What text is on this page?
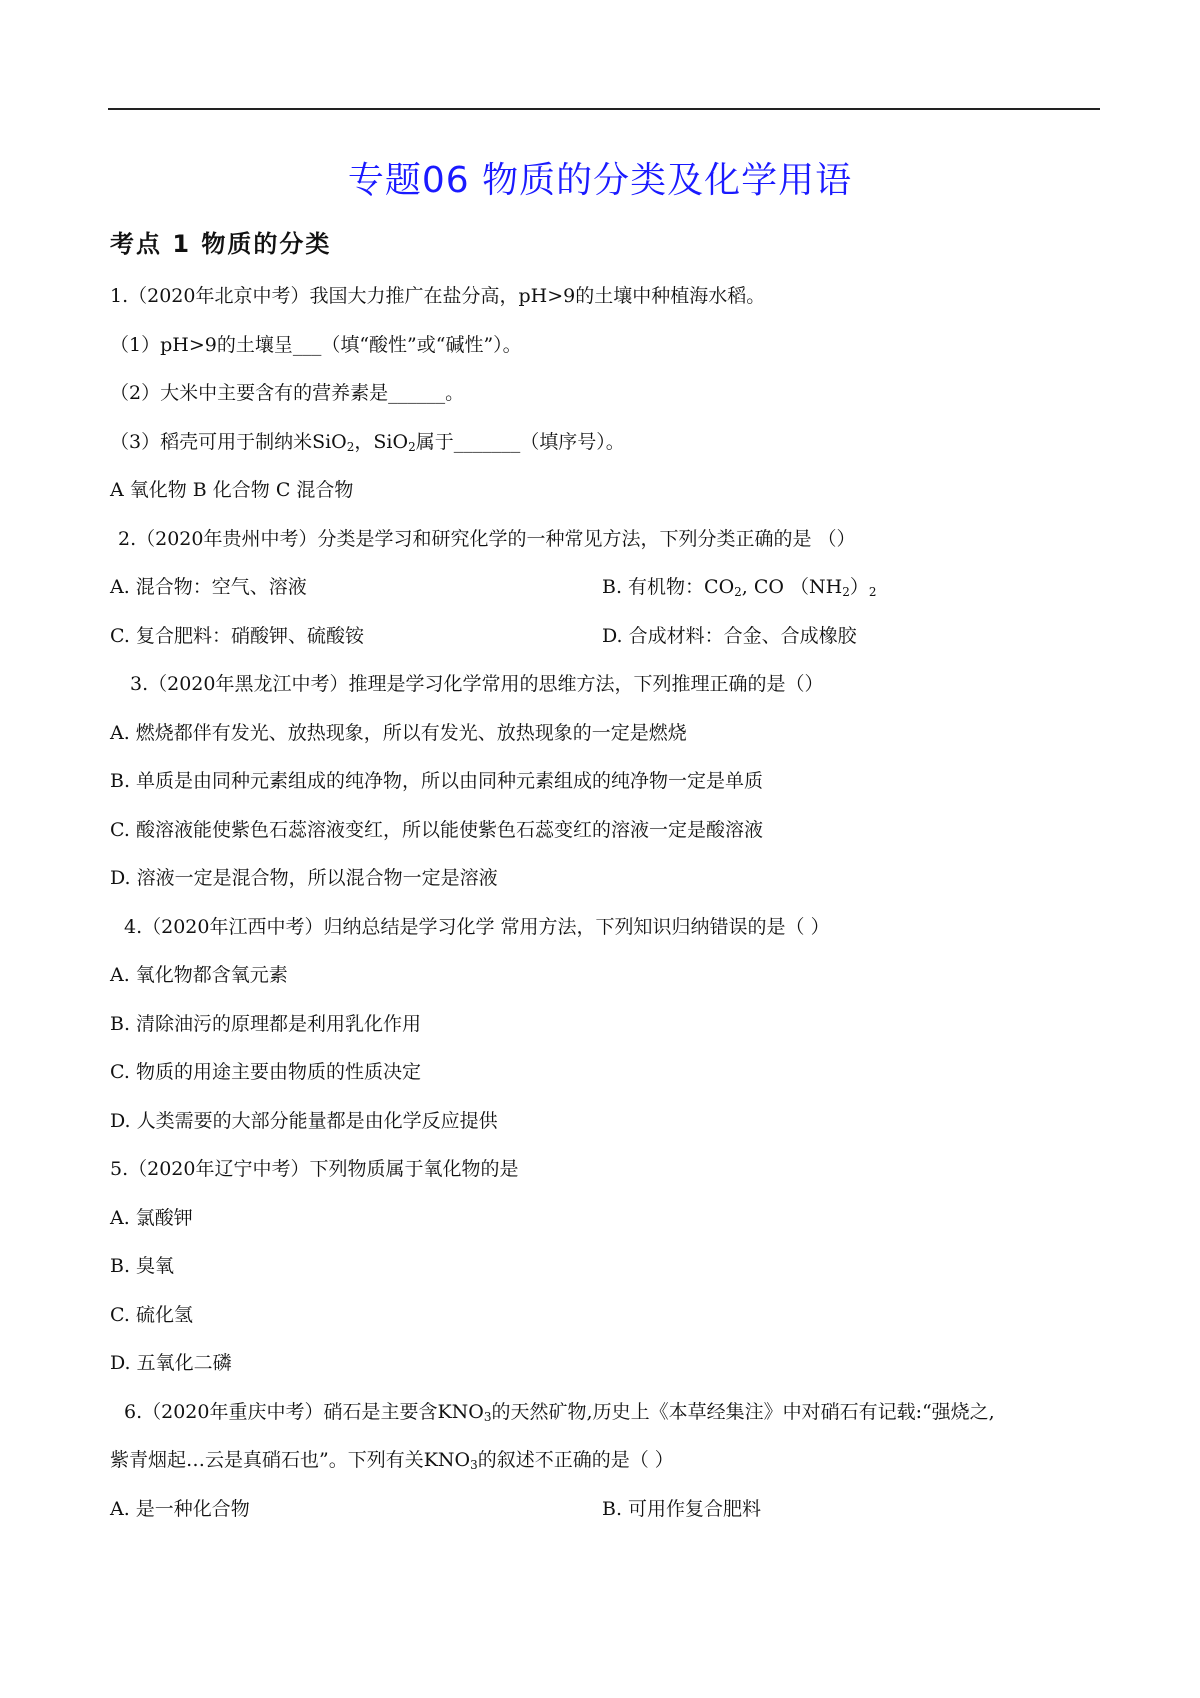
专题06 物质的分类及化学用语
考点 1 物质的分类
1.（2020年北京中考）我国大力推广在盐分高，pH>9的土壤中种植海水稻。
（1）pH>9的土壤呈___（填“酸性”或“碱性”）。
（2）大米中主要含有的营养素是______。
（3）稻壳可用于制纳米SiO$_2$，SiO$_2$属于_______（填序号）。
A 氧化物 B 化合物 C 混合物
2.（2020年贵州中考）分类是学习和研究化学的一种常见方法，下列分类正确的是 （）
A. 混合物：空气、溶液	B. 有机物：$CO_2$, CO $(NH_2)_2$
C. 复合肥料：硝酸钾、硫酸铵	D. 合成材料：合金、合成橡胶
3.（2020年黑龙江中考）推理是学习化学常用的思维方法，下列推理正确的是（）
A. 燃烧都伴有发光、放热现象，所以有发光、放热现象的一定是燃烧
B. 单质是由同种元素组成的纯净物，所以由同种元素组成的纯净物一定是单质
C. 酸溶液能使紫色石蕊溶液变红，所以能使紫色石蕊变红的溶液一定是酸溶液
D. 溶液一定是混合物，所以混合物一定是溶液
4.（2020年江西中考）归纳总结是学习化学 常用方法，下列知识归纳错误的是（ ）
A. 氧化物都含氧元素
B. 清除油污的原理都是利用乳化作用
C. 物质的用途主要由物质的性质决定
D. 人类需要的大部分能量都是由化学反应提供
5.（2020年辽宁中考）下列物质属于氧化物的是
A. 氯酸钾
B. 臭氧
C. 硫化氢
D. 五氧化二磷
6.（2020年重庆中考）硝石是主要含$KNO_3$的天然矿物,历史上《本草经集注》中对硝石有记载:“强烧之,
紫青烟起…云是真硝石也”。下列有关$KNO_3$的叙述不正确的是（ ）
A. 是一种化合物	B. 可用作复合肥料
